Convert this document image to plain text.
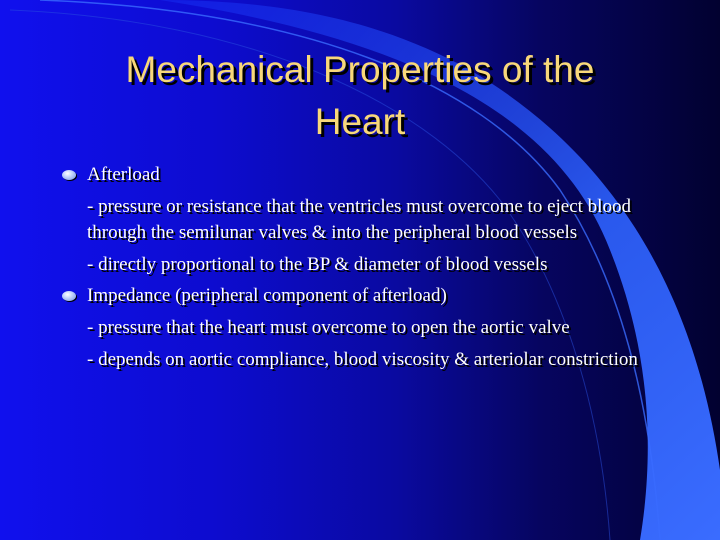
Mechanical Properties of the
Heart
Afterload
- pressure or resistance that the ventricles must overcome to eject blood through the semilunar valves & into the peripheral blood vessels
- directly proportional to the BP & diameter of blood vessels
Impedance (peripheral component of afterload)
- pressure that the heart must overcome to open the aortic valve
- depends on aortic compliance, blood viscosity & arteriolar constriction
